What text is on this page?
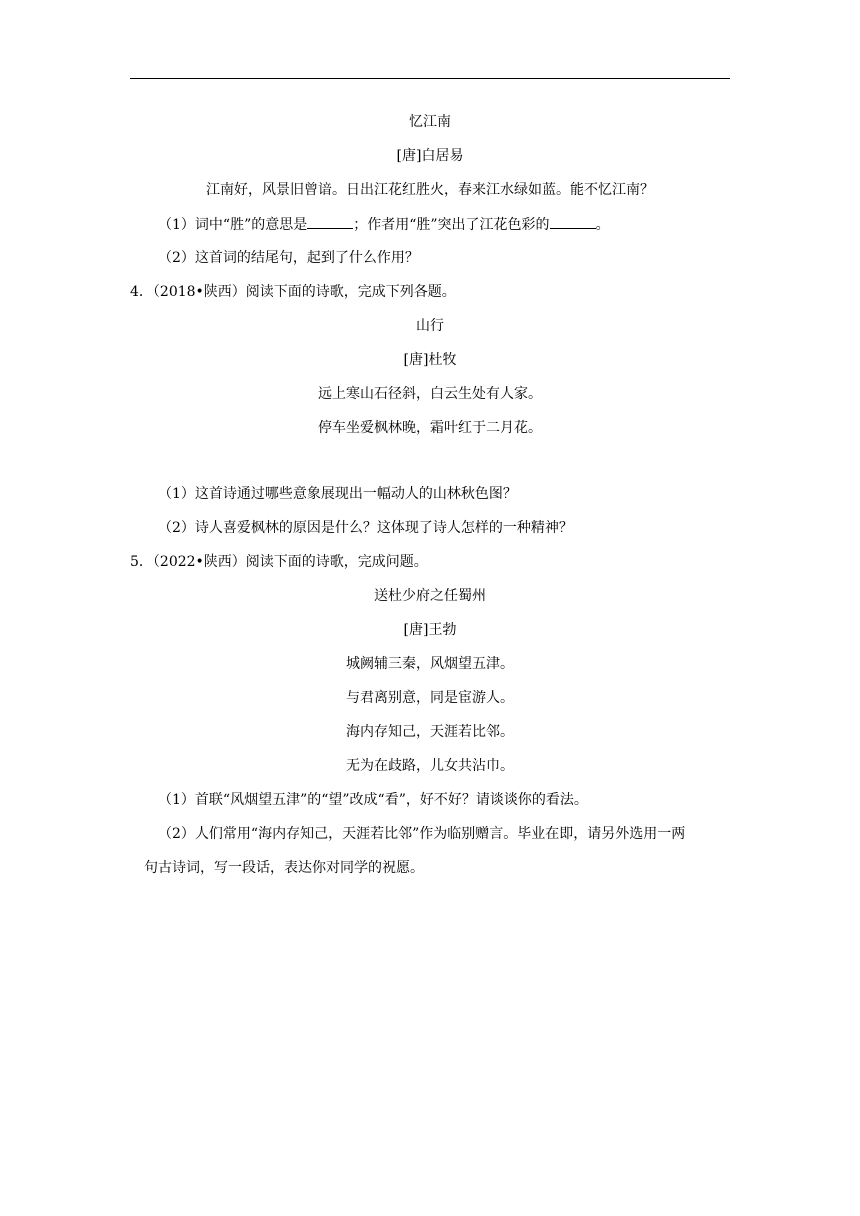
忆江南
[唐]白居易
江南好，风景旧曾谙。日出江花红胜火，春来江水绿如蓝。能不忆江南？
（1）词中“胜”的意思是	；作者用“胜”突出了江花色彩的	。
（2）这首词的结尾句，起到了什么作用？
4．（2018•陕西）阅读下面的诗歌，完成下列各题。
山行
[唐]杜牧
远上寒山石径斜，白云生处有人家。
停车坐爱枫林晚，霜叶红于二月花。
（1）这首诗通过哪些意象展现出一幅动人的山林秋色图？
（2）诗人喜爱枫林的原因是什么？这体现了诗人怎样的一种精神？
5．（2022•陕西）阅读下面的诗歌，完成问题。
送杜少府之任蜀州
[唐]王勃
城阙辅三秦，风烟望五津。
与君离别意，同是宦游人。
海内存知己，天涯若比邻。
无为在歧路，儿女共沾巾。
（1）首联“风烟望五津”的“望”改成“看”，好不好？请谈谈你的看法。
（2）人们常用“海内存知己，天涯若比邻”作为临别赠言。毕业在即，请另外选用一两
句古诗词，写一段话，表达你对同学的祝愿。
